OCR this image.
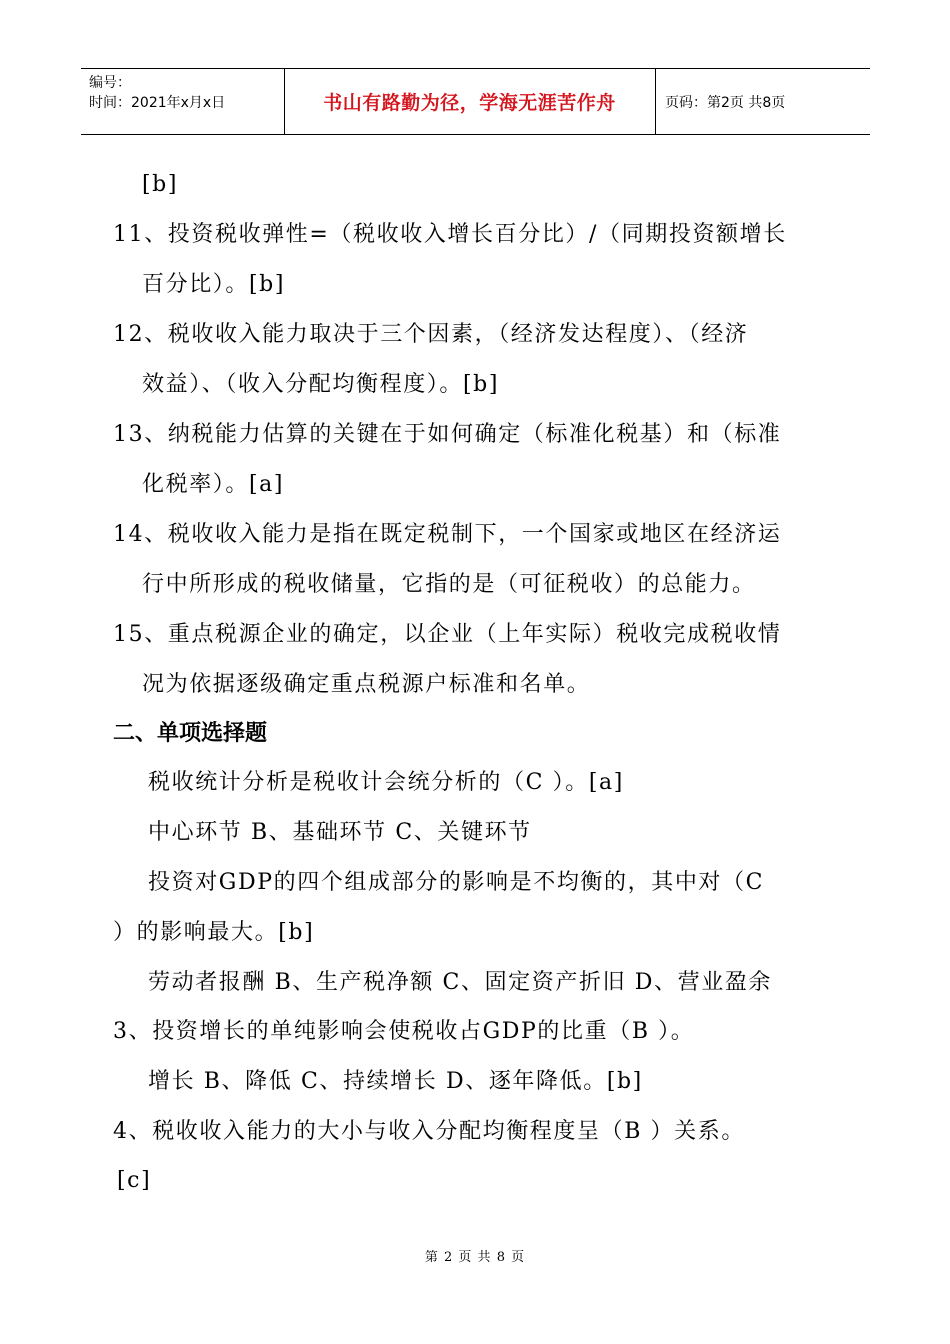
编号：
时间：2021年x月x日	书山有路勤为径，学海无涯苦作舟	页码：第2页 共8页
[b]
11、投资税收弹性=（税收收入增长百分比）/（同期投资额增长
百分比）。[b]
12、税收收入能力取决于三个因素，（经济发达程度）、（经济
效益）、（收入分配均衡程度）。[b]
13、纳税能力估算的关键在于如何确定（标准化税基）和（标准
化税率）。[a]
14、税收收入能力是指在既定税制下，一个国家或地区在经济运
行中所形成的税收储量，它指的是（可征税收）的总能力。
15、重点税源企业的确定，以企业（上年实际）税收完成税收情
况为依据逐级确定重点税源户标准和名单。
二、单项选择题
税收统计分析是税收计会统分析的（C ）。[a]
中心环节 B、基础环节 C、关键环节
投资对GDP的四个组成部分的影响是不均衡的，其中对（C
）的影响最大。[b]
劳动者报酬 B、生产税净额 C、固定资产折旧 D、营业盈余
3、投资增长的单纯影响会使税收占GDP的比重（B ）。
增长 B、降低 C、持续增长 D、逐年降低。[b]
4、税收收入能力的大小与收入分配均衡程度呈（B ）关系。
[c]
第 2 页 共 8 页
